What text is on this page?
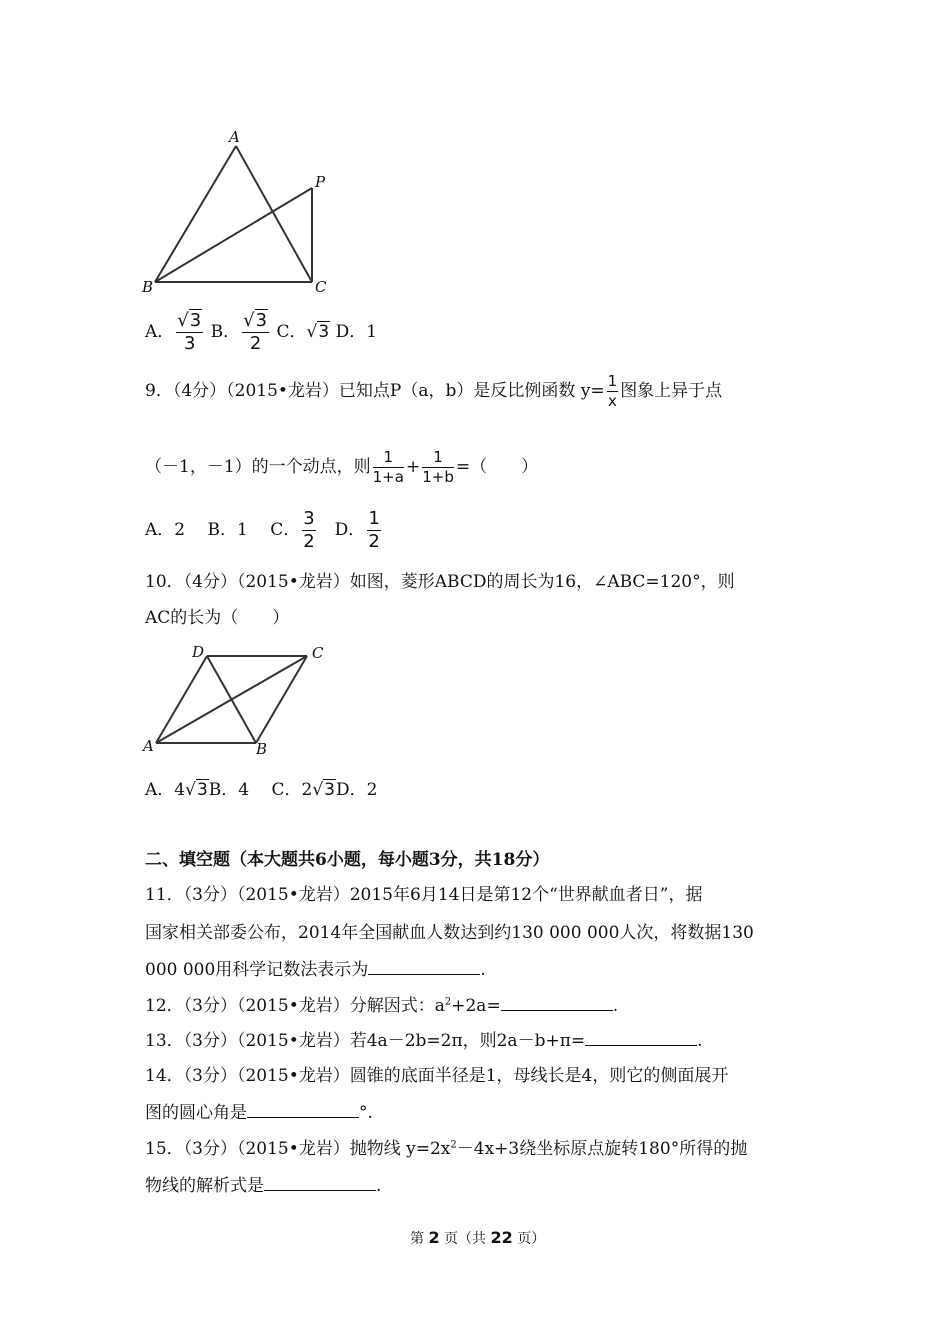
A
B	C
P
A． $\frac{√3}{3}$ B． $\frac{√3}{2}$ C．√3 D．1
9．（4分）（2015•龙岩）已知点P（a，b）是反比例函数 $y= \frac{1}{x}$ 图象上异于点
（－1，－1）的一个动点，则 $\frac{1}{1+a} + \frac{1}{1+b}$ =（　　）
A．2　 B．1　 C． $\frac{3}{2}$ 　D． $\frac{1}{2}$
10．（4分）（2015•龙岩）如图，菱形ABCD的周长为16，∠ABC=120°，则
AC的长为（　　）
A	B
C
D
A．4√3B．4　 C．2√3D．2
二、填空题（本大题共6小题，每小题3分，共18分）
11．（3分）（2015•龙岩）2015年6月14日是第12个“世界献血者日”，据
国家相关部委公布，2014年全国献血人数达到约130 000 000人次，将数据130
000 000用科学记数法表示为	.
12．（3分）（2015•龙岩）分解因式：$a^2+2a=$	.
13．（3分）（2015•龙岩）若4a－2b=2π，则2a－b+π=	.
14．（3分）（2015•龙岩）圆锥的底面半径是1，母线长是4，则它的侧面展开
图的圆心角是	°.
15．（3分）（2015•龙岩）抛物线 $y=2x^2-4x+3$绕坐标原点旋转180°所得的抛
物线的解析式是	.
第 2 页（共 22 页）
